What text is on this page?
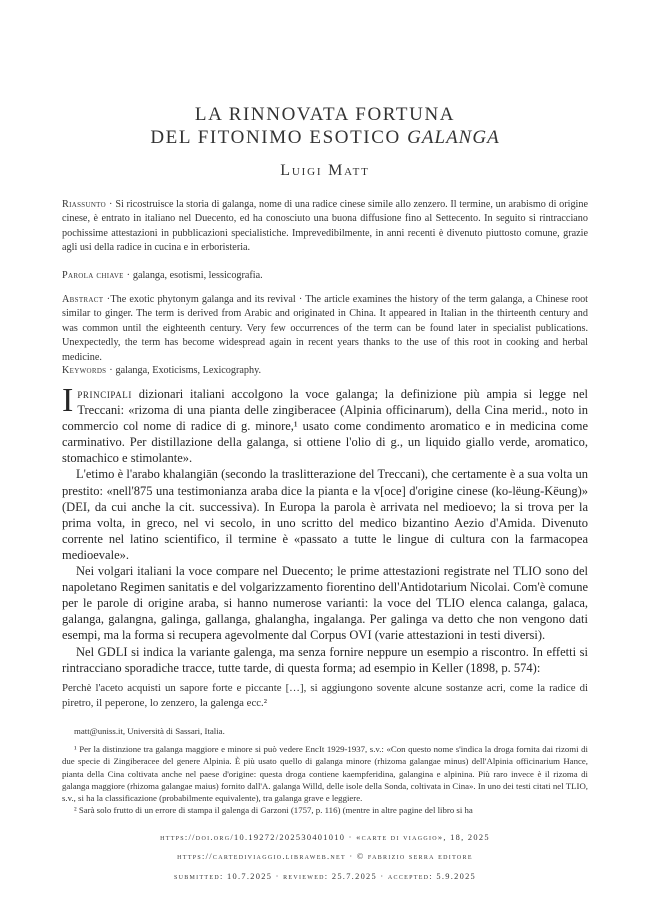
LA RINNOVATA FORTUNA
DEL FITONIMO ESOTICO GALANGA
Luigi Matt
Riassunto · Si ricostruisce la storia di galanga, nome di una radice cinese simile allo zenzero. Il termine, un arabismo di origine cinese, è entrato in italiano nel Duecento, ed ha conosciuto una buona diffusione fino al Settecento. In seguito si rintracciano pochissime attestazioni in pubblicazioni specialistiche. Imprevedibilmente, in anni recenti è divenuto piuttosto comune, grazie agli usi della radice in cucina e in erboristeria.
Parola chiave · galanga, esotismi, lessicografia.
Abstract ·The exotic phytonym galanga and its revival · The article examines the history of the term galanga, a Chinese root similar to ginger. The term is derived from Arabic and originated in China. It appeared in Italian in the thirteenth century and was common until the eighteenth century. Very few occurrences of the term can be found later in specialist publications. Unexpectedly, the term has become widespread again in recent years thanks to the use of this root in cooking and herbal medicine.
Keywords · galanga, Exoticisms, Lexicography.

Iprincipali dizionari italiani accolgono la voce galanga; la definizione più ampia si legge nel Treccani: «rizoma di una pianta delle zingiberacee (Alpinia officinarum), della Cina merid., noto in commercio col nome di radice di g. minore,¹ usato come condimento aromatico e in medicina come carminativo. Per distillazione della galanga, si ottiene l'olio di g., un liquido giallo verde, aromatico, stomachico e stimolante».

L'etimo è l'arabo khalangiān (secondo la traslitterazione del Treccani), che certamente è a sua volta un prestito: «nell'875 una testimonianza araba dice la pianta e la v[oce] d'origine cinese (ko-lëung-Këung)» (DEI, da cui anche la cit. successiva). In Europa la parola è arrivata nel medioevo; la si trova per la prima volta, in greco, nel vi secolo, in uno scritto del medico bizantino Aezio d'Amida. Divenuto corrente nel latino scientifico, il termine è «passato a tutte le lingue di cultura con la farmacopea medioevale».

Nei volgari italiani la voce compare nel Duecento; le prime attestazioni registrate nel TLIO sono del napoletano Regimen sanitatis e del volgarizzamento fiorentino dell'Antidotarium Nicolai. Com'è comune per le parole di origine araba, si hanno numerose varianti: la voce del TLIO elenca calanga, galaca, galanga, galangna, galinga, gallanga, ghalangha, ingalanga. Per galinga va detto che non vengono dati esempi, ma la forma si recupera agevolmente dal Corpus OVI (varie attestazioni in testi diversi).

Nel GDLI si indica la variante galenga, ma senza fornire neppure un esempio a riscontro. In effetti si rintracciano sporadiche tracce, tutte tarde, di questa forma; ad esempio in Keller (1898, p. 574):

Perchè l'aceto acquisti un sapore forte e piccante […], si aggiungono sovente alcune sostanze acri, come la radice di piretro, il peperone, lo zenzero, la galenga ecc.²

matt@uniss.it, Università di Sassari, Italia.

¹ Per la distinzione tra galanga maggiore e minore si può vedere EncIt 1929-1937, s.v.: «Con questo nome s'indica la droga fornita dai rizomi di due specie di Zingiberacee del genere Alpinia. È più usato quello di galanga minore (rhizoma galangae minus) dell'Alpinia officinarium Hance, pianta della Cina coltivata anche nel paese d'origine: questa droga contiene kaempferidina, galangina e alpinina. Più raro invece è il rizoma di galanga maggiore (rhizoma galangae maius) fornito dall'A. galanga Willd, delle isole della Sonda, coltivata in Cina». In uno dei testi citati nel TLIO, s.v., si ha la classificazione (probabilmente equivalente), tra galanga grave e leggiere.

² Sarà solo frutto di un errore di stampa il galenga di Garzoni (1757, p. 116) (mentre in altre pagine del libro si ha

https://doi.org/10.19272/202530401010 · «carte di viaggio», 18, 2025
https://cartediviaggio.libraweb.net · © fabrizio serra editore
submitted: 10.7.2025 · reviewed: 25.7.2025 · accepted: 5.9.2025
